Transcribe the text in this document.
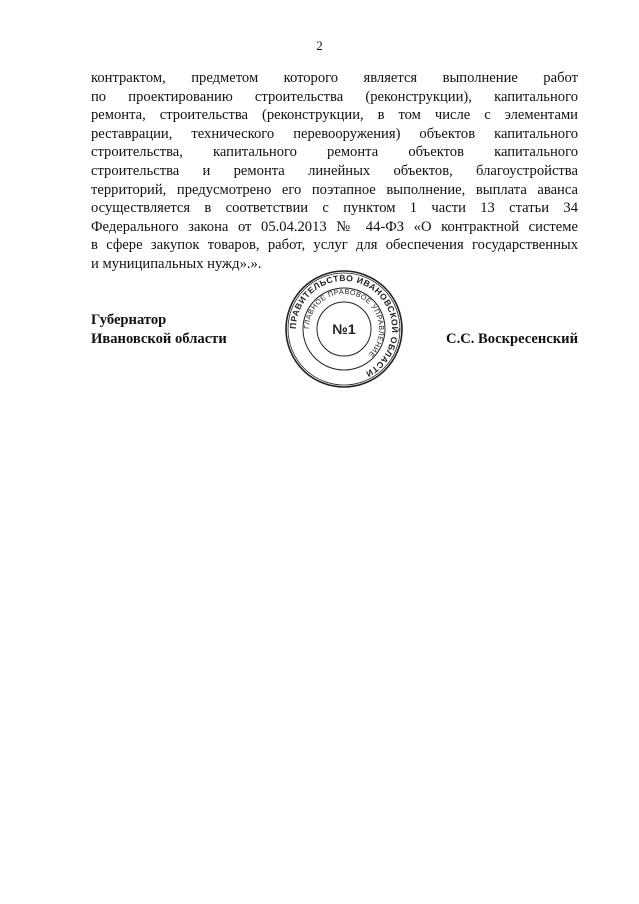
2
контрактом, предметом которого является выполнение работ
по проектированию строительства (реконструкции), капитального
ремонта, строительства (реконструкции, в том числе с элементами
реставрации, технического перевооружения) объектов капитального
строительства, капитального ремонта объектов капитального
строительства и ремонта линейных объектов, благоустройства
территорий, предусмотрено его поэтапное выполнение, выплата аванса
осуществляется в соответствии с пунктом 1 части 13 статьи 34
Федерального закона от 05.04.2013 № 44-ФЗ «О контрактной системе
в сфере закупок товаров, работ, услуг для обеспечения государственных
и муниципальных нужд».».
Губернатор
Ивановской области
ПРАВИТЕЛЬСТВО ИВАНОВСКОЙ ОБЛАСТИ
ГЛАВНОЕ ПРАВОВОЕ УПРАВЛЕНИЕ
№1
С.С. Воскресенский
